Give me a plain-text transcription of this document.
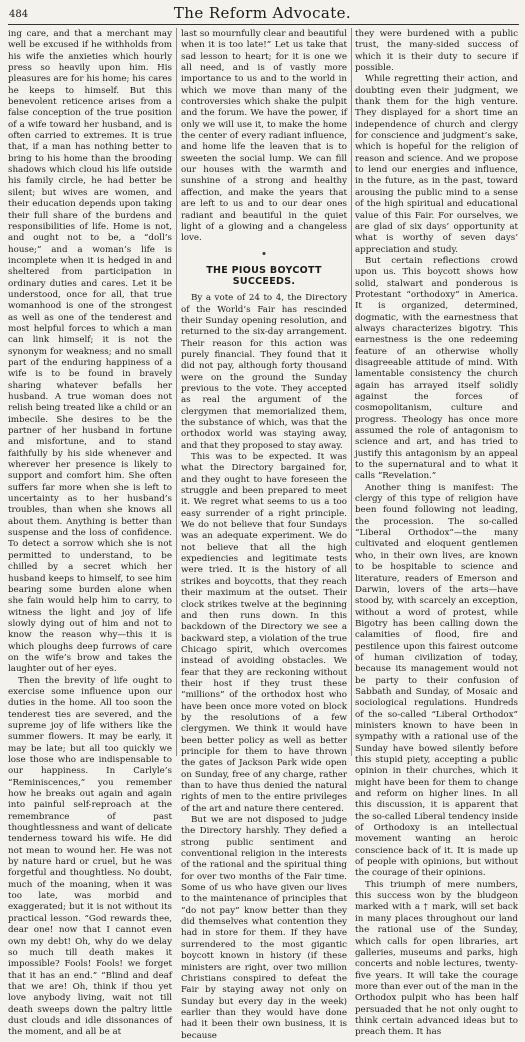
484	The Reform Advocate.

ing care, and that a merchant may well be excused if he withholds from his wife the anxieties which hourly press so heavily upon him. His pleasures are for his home; his cares he keeps to himself. But this benevolent reticence arises from a false conception of the true position of a wife toward her husband, and is often carried to extremes. It is true that, if a man has nothing better to bring to his home than the brooding shadows which cloud his life outside his family circle, he had better be silent; but wives are women, and their education depends upon taking their full share of the burdens and responsibilities of life. Home is not, and ought not to be, a “doll’s house;” and a woman’s life is incomplete when it is hedged in and sheltered from participation in ordinary duties and cares. Let it be understood, once for all, that true womanhood is one of the strongest as well as one of the tenderest and most helpful forces to which a man can link himself; it is not the synonym for weakness; and no small part of the enduring happiness of a wife is to be found in bravely sharing whatever befalls her husband. A true woman does not relish being treated like a child or an imbecile. She desires to be the partner of her husband in fortune and misfortune, and to stand faithfully by his side whenever and wherever her presence is likely to support and comfort him. She often suffers far more when she is left to uncertainty as to her husband’s troubles, than when she knows all about them. Anything is better than suspense and the loss of confidence. To detect a sorrow which she is not permitted to understand, to be chilled by a secret which her husband keeps to himself, to see him bearing some burden alone when she fain would help him to carry, to witness the light and joy of life slowly dying out of him and not to know the reason why—this it is which ploughs deep furrows of care on the wife’s brow and takes the laughter out of her eyes.

Then the brevity of life ought to exercise some influence upon our duties in the home. All too soon the tenderest ties are severed, and the supreme joy of life withers like the summer flowers. It may be early, it may be late; but all too quickly we lose those who are indispensable to our happiness. In Carlyle’s “Reminiscences,” you remember how he breaks out again and again into painful self-reproach at the remembrance of past thoughtlessness and want of delicate tenderness toward his wife. He did not mean to wound her. He was not by nature hard or cruel, but he was forgetful and thoughtless. No doubt, much of the moaning, when it was too late, was morbid and exaggerated; but it is not without its practical lesson. “God rewards thee, dear one! now that I cannot even own my debt! Oh, why do we delay so much till death makes it impossible? Fools! Fools! we forget that it has an end.” “Blind and deaf that we are! Oh, think if thou yet love anybody living, wait not till death sweeps down the paltry little dust clouds and idle dissonances of the moment, and all be at

last so mournfully clear and beautiful when it is too late!” Let us take that sad lesson to heart; for it is one we all need, and is of vastly more importance to us and to the world in which we move than many of the controversies which shake the pulpit and the forum. We have the power, if only we will use it, to make the home the center of every radiant influence, and home life the leaven that is to sweeten the social lump. We can fill our houses with the warmth and sunshine of a strong and healthy affection, and make the years that are left to us and to our dear ones radiant and beautiful in the quiet light of a glowing and a changeless love.

THE PIOUS BOYCOTT SUCCEEDS.

By a vote of 24 to 4, the Directory of the World’s Fair has rescinded their Sunday opening resolution, and returned to the six-day arrangement. Their reason for this action was purely financial. They found that it did not pay, although forty thousand were on the ground the Sunday previous to the vote. They accepted as real the argument of the clergymen that memorialized them, the substance of which, was that the orthodox world was staying away, and that they proposed to stay away.

This was to be expected. It was what the Directory bargained for, and they ought to have foreseen the struggle and been prepared to meet it. We regret what seems to us a too easy surrender of a right principle. We do not believe that four Sundays was an adequate experiment. We do not believe that all the high expediencies and legitimate tests were tried. It is the history of all strikes and boycotts, that they reach their maximum at the outset. Their clock strikes twelve at the beginning and then runs down. In this backdown of the Directory we see a backward step, a violation of the true Chicago spirit, which overcomes instead of avoiding obstacles. We fear that they are reckoning without their host if they trust these “millions” of the orthodox host who have been once more voted on block by the resolutions of a few clergymen. We think it would have been better policy as well as better principle for them to have thrown the gates of Jackson Park wide open on Sunday, free of any charge, rather than to have thus denied the natural rights of men to the entire privileges of the art and nature there centered.

But we are not disposed to judge the Directory harshly. They defied a strong public sentiment and conventional religion in the interests of the rational and the spiritual thing for over two months of the Fair time. Some of us who have given our lives to the maintenance of principles that “do not pay” know better than they did themselves what contention they had in store for them. If they have surrendered to the most gigantic boycott known in history (if these ministers are right, over two million Christians conspired to defeat the Fair by staying away not only on Sunday but every day in the week) earlier than they would have done had it been their own business, it is because

they were burdened with a public trust, the many-sided success of which it is their duty to secure if possible.

While regretting their action, and doubting even their judgment, we thank them for the high venture. They displayed for a short time an independence of church and clergy for conscience and judgment’s sake, which is hopeful for the religion of reason and science. And we propose to lend our energies and influence, in the future, as in the past, toward arousing the public mind to a sense of the high spiritual and educational value of this Fair. For ourselves, we are glad of six days’ opportunity at what is worthy of seven days’ appreciation and study.

But certain reflections crowd upon us. This boycott shows how solid, stalwart and ponderous is Protestant “orthodoxy” in America. It is organized, determined, dogmatic, with the earnestness that always characterizes bigotry. This earnestness is the one redeeming feature of an otherwise wholly disagreeable attitude of mind. With lamentable consistency the church again has arrayed itself solidly against the forces of cosmopolitanism, culture and progress. Theology has once more assumed the role of antagonism to science and art, and has tried to justify this antagonism by an appeal to the supernatural and to what it calls “Revelation.”

Another thing is manifest: The clergy of this type of religion have been found following not leading, the procession. The so-called “Liberal Orthodox”—the many cultivated and eloquent gentlemen who, in their own lives, are known to be hospitable to science and literature, readers of Emerson and Darwin, lovers of the arts—have stood by, with scarcely an exception, without a word of protest, while Bigotry has been calling down the calamities of flood, fire and pestilence upon this fairest outcome of human civilization of today, because its management would not be party to their confusion of Sabbath and Sunday, of Mosaic and sociological regulations. Hundreds of the so-called “Liberal Orthodox” ministers known to have been in sympathy with a rational use of the Sunday have bowed silently before this stupid piety, accepting a public opinion in their churches, which it might have been for them to change and reform on higher lines. In all this discussion, it is apparent that the so-called Liberal tendency inside of Orthodoxy is an intellectual movement wanting an heroic conscience back of it. It is made up of people with opinions, but without the courage of their opinions.

This triumph of mere numbers, this success won by the bludgeon marked with a † mark, will set back in many places throughout our land the rational use of the Sunday, which calls for open libraries, art galleries, museums and parks, high concerts and noble lectures, twenty-five years. It will take the courage more than ever out of the man in the Orthodox pulpit who has been half persuaded that he not only ought to think certain advanced ideas but to preach them. It has
